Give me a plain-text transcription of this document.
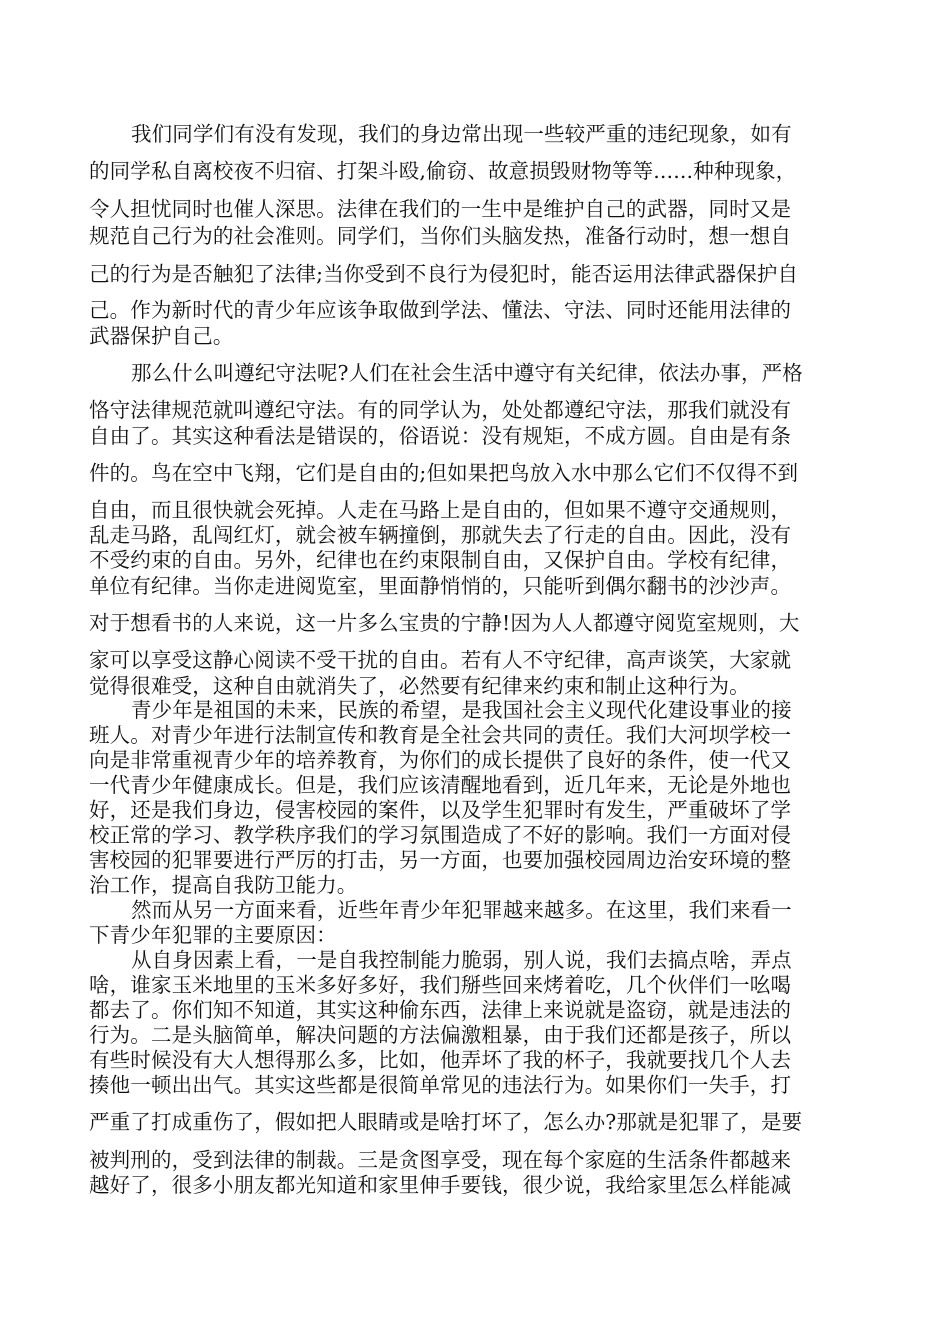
我们同学们有没有发现，我们的身边常出现一些较严重的违纪现象，如有

的同学私自离校夜不归宿、打架斗殴,偷窃、故意损毁财物等等......种种现象，

令人担忧同时也催人深思。法律在我们的一生中是维护自己的武器，同时又是

规范自己行为的社会准则。同学们，当你们头脑发热，准备行动时，想一想自

己的行为是否触犯了法律;当你受到不良行为侵犯时，能否运用法律武器保护自

己。作为新时代的青少年应该争取做到学法、懂法、守法、同时还能用法律的

武器保护自己。

那么什么叫遵纪守法呢?人们在社会生活中遵守有关纪律，依法办事，严格

恪守法律规范就叫遵纪守法。有的同学认为，处处都遵纪守法，那我们就没有

自由了。其实这种看法是错误的，俗语说：没有规矩，不成方圆。自由是有条

件的。鸟在空中飞翔，它们是自由的;但如果把鸟放入水中那么它们不仅得不到

自由，而且很快就会死掉。人走在马路上是自由的，但如果不遵守交通规则，

乱走马路，乱闯红灯，就会被车辆撞倒，那就失去了行走的自由。因此，没有

不受约束的自由。另外，纪律也在约束限制自由，又保护自由。学校有纪律，

单位有纪律。当你走进阅览室，里面静悄悄的，只能听到偶尔翻书的沙沙声。

对于想看书的人来说，这一片多么宝贵的宁静!因为人人都遵守阅览室规则，大

家可以享受这静心阅读不受干扰的自由。若有人不守纪律，高声谈笑，大家就

觉得很难受，这种自由就消失了，必然要有纪律来约束和制止这种行为。

青少年是祖国的未来，民族的希望，是我国社会主义现代化建设事业的接

班人。对青少年进行法制宣传和教育是全社会共同的责任。我们大河坝学校一

向是非常重视青少年的培养教育，为你们的成长提供了良好的条件，使一代又

一代青少年健康成长。但是，我们应该清醒地看到，近几年来，无论是外地也

好，还是我们身边，侵害校园的案件，以及学生犯罪时有发生，严重破坏了学

校正常的学习、教学秩序我们的学习氛围造成了不好的影响。我们一方面对侵

害校园的犯罪要进行严厉的打击，另一方面，也要加强校园周边治安环境的整

治工作，提高自我防卫能力。

然而从另一方面来看，近些年青少年犯罪越来越多。在这里，我们来看一

下青少年犯罪的主要原因：

从自身因素上看，一是自我控制能力脆弱，别人说，我们去搞点啥，弄点

啥，谁家玉米地里的玉米多好多好，我们掰些回来烤着吃，几个伙伴们一吆喝

都去了。你们知不知道，其实这种偷东西，法律上来说就是盗窃，就是违法的

行为。二是头脑简单，解决问题的方法偏激粗暴，由于我们还都是孩子，所以

有些时候没有大人想得那么多，比如，他弄坏了我的杯子，我就要找几个人去

揍他一顿出出气。其实这些都是很简单常见的违法行为。如果你们一失手，打

严重了打成重伤了，假如把人眼睛或是啥打坏了，怎么办?那就是犯罪了，是要

被判刑的，受到法律的制裁。三是贪图享受，现在每个家庭的生活条件都越来

越好了，很多小朋友都光知道和家里伸手要钱，很少说，我给家里怎么样能减
